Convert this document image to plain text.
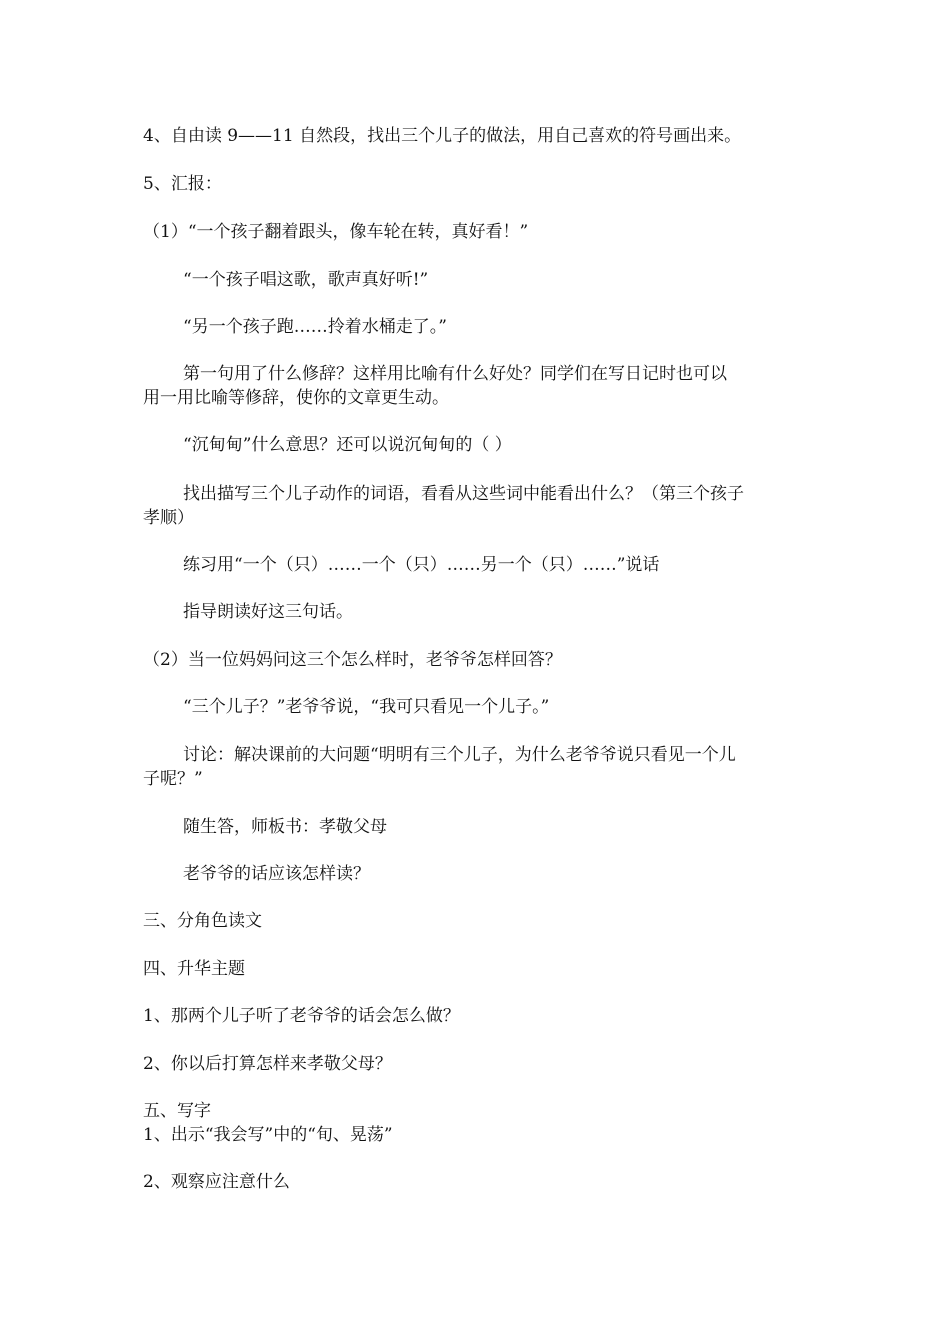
4、自由读 9——11 自然段，找出三个儿子的做法，用自己喜欢的符号画出来。
5、汇报：
（1）“一个孩子翻着跟头，像车轮在转，真好看！”
“一个孩子唱这歌，歌声真好听!”
“另一个孩子跑……拎着水桶走了。”
第一句用了什么修辞？这样用比喻有什么好处？同学们在写日记时也可以
用一用比喻等修辞，使你的文章更生动。
“沉甸甸”什么意思？还可以说沉甸甸的（ ）
找出描写三个儿子动作的词语，看看从这些词中能看出什么？（第三个孩子
孝顺）
练习用“一个（只）……一个（只）……另一个（只）……”说话
指导朗读好这三句话。
（2）当一位妈妈问这三个怎么样时，老爷爷怎样回答？
“三个儿子？”老爷爷说，“我可只看见一个儿子。”
讨论：解决课前的大问题“明明有三个儿子，为什么老爷爷说只看见一个儿
子呢？”
随生答，师板书：孝敬父母
老爷爷的话应该怎样读？
三、分角色读文
四、升华主题
1、那两个儿子听了老爷爷的话会怎么做？
2、你以后打算怎样来孝敬父母？
五、写字
1、出示“我会写”中的“旬、晃荡”
2、观察应注意什么
